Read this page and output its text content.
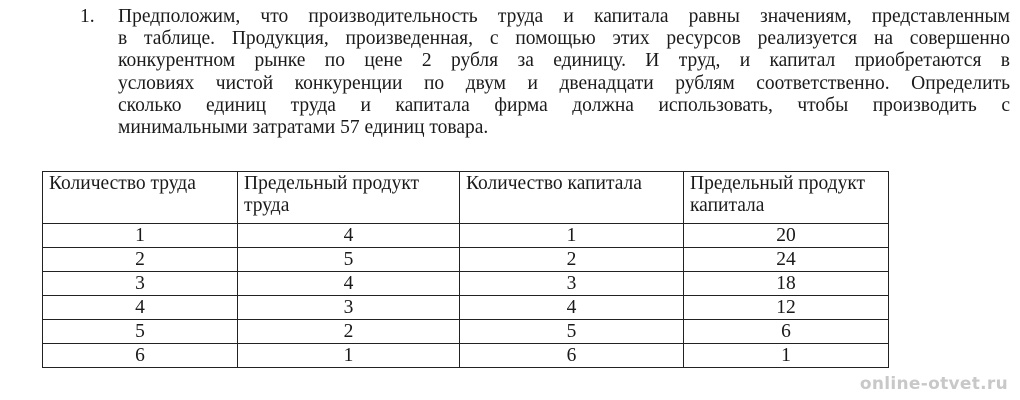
1. Предположим, что производительность труда и капитала равны значениям, представленным
в таблице. Продукция, произведенная, с помощью этих ресурсов реализуется на совершенно
конкурентном рынке по цене 2 рубля за единицу. И труд, и капитал приобретаются в
условиях чистой конкуренции по двум и двенадцати рублям соответственно. Определить
сколько единиц труда и капитала фирма должна использовать, чтобы производить с
минимальными затратами 57 единиц товара.
Количество труда	Предельный продукт труда	Количество капитала	Предельный продукт капитала
1	4	1	20
2	5	2	24
3	4	3	18
4	3	4	12
5	2	5	6
6	1	6	1
online-otvet.ru
